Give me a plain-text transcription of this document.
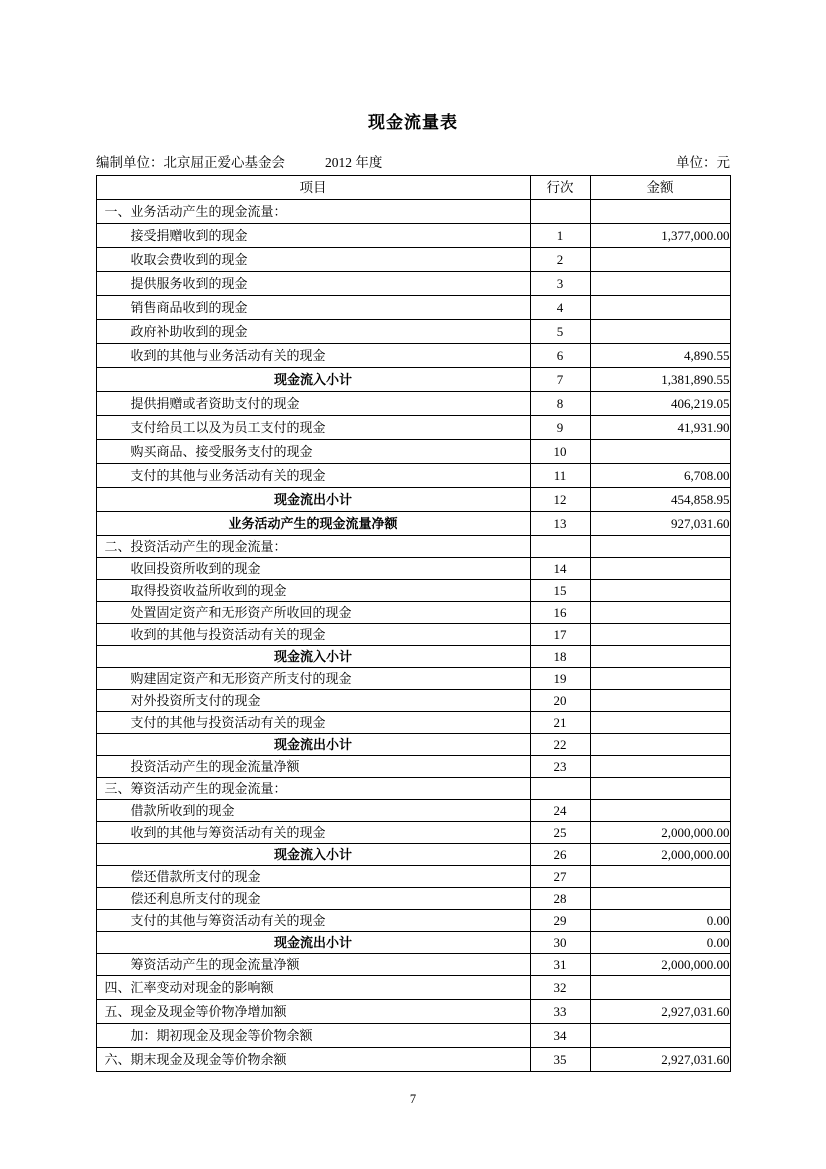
现金流量表
编制单位：北京屈正爱心基金会	2012 年度	单位：元
项目	行次	金额
一、业务活动产生的现金流量：		
接受捐赠收到的现金	1	1,377,000.00
收取会费收到的现金	2	
提供服务收到的现金	3	
销售商品收到的现金	4	
政府补助收到的现金	5	
收到的其他与业务活动有关的现金	6	4,890.55
现金流入小计	7	1,381,890.55
提供捐赠或者资助支付的现金	8	406,219.05
支付给员工以及为员工支付的现金	9	41,931.90
购买商品、接受服务支付的现金	10	
支付的其他与业务活动有关的现金	11	6,708.00
现金流出小计	12	454,858.95
业务活动产生的现金流量净额	13	927,031.60
二、投资活动产生的现金流量：		
收回投资所收到的现金	14	
取得投资收益所收到的现金	15	
处置固定资产和无形资产所收回的现金	16	
收到的其他与投资活动有关的现金	17	
现金流入小计	18	
购建固定资产和无形资产所支付的现金	19	
对外投资所支付的现金	20	
支付的其他与投资活动有关的现金	21	
现金流出小计	22	
投资活动产生的现金流量净额	23	
三、筹资活动产生的现金流量：		
借款所收到的现金	24	
收到的其他与筹资活动有关的现金	25	2,000,000.00
现金流入小计	26	2,000,000.00
偿还借款所支付的现金	27	
偿还利息所支付的现金	28	
支付的其他与筹资活动有关的现金	29	0.00
现金流出小计	30	0.00
筹资活动产生的现金流量净额	31	2,000,000.00
四、汇率变动对现金的影响额	32	
五、现金及现金等价物净增加额	33	2,927,031.60
加：期初现金及现金等价物余额	34	
六、期末现金及现金等价物余额	35	2,927,031.60
7
